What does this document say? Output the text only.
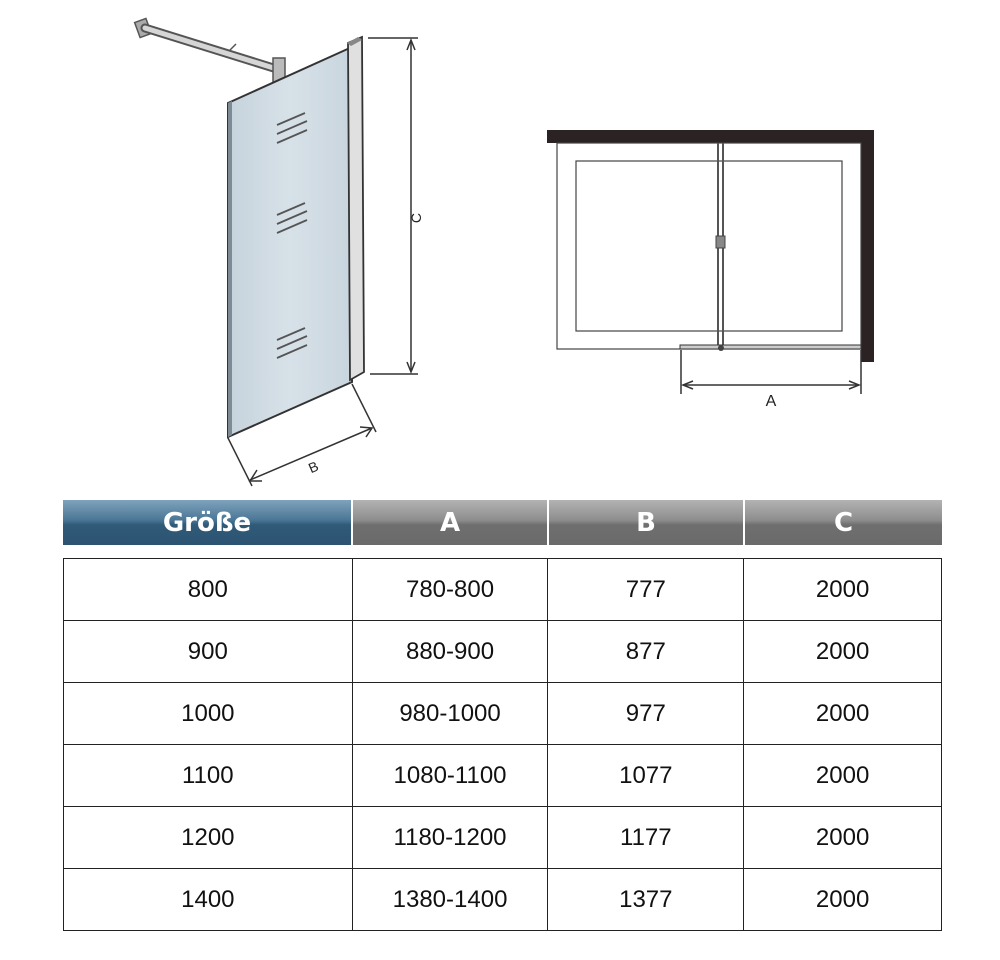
C
B
A
Größe	A	B	C
800	780-800	777	2000
900	880-900	877	2000
1000	980-1000	977	2000
1100	1080-1100	1077	2000
1200	1180-1200	1177	2000
1400	1380-1400	1377	2000
